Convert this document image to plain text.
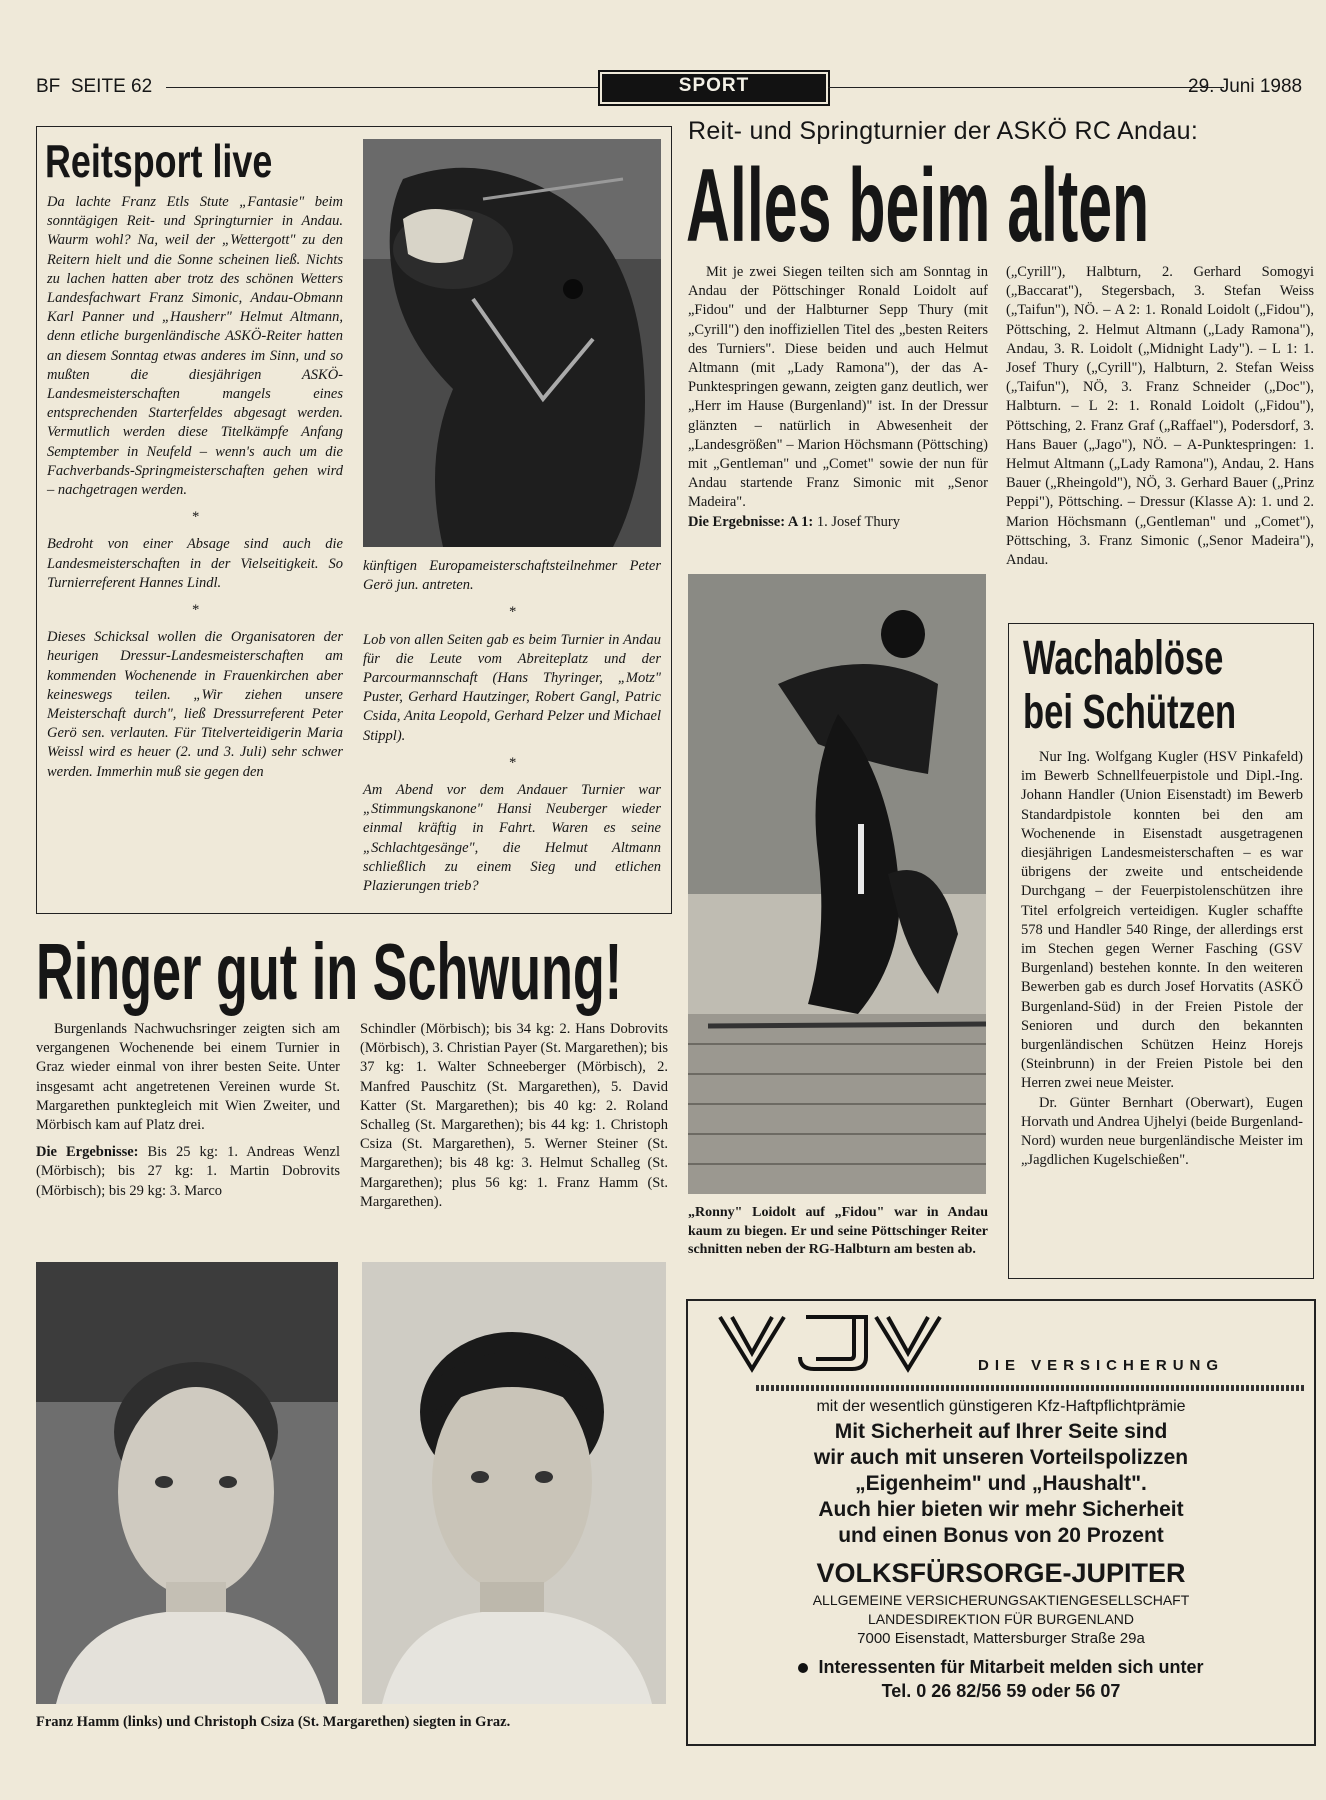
BF  SEITE 62	SPORT	29. Juni 1988
Reitsport live

Da lachte Franz Etls Stute „Fantasie" beim sonntägigen Reit- und Springturnier in Andau. Waurm wohl? Na, weil der „Wettergott" zu den Reitern hielt und die Sonne scheinen ließ. Nichts zu lachen hatten aber trotz des schönen Wetters Landesfachwart Franz Simonic, Andau-Obmann Karl Panner und „Hausherr" Helmut Altmann, denn etliche burgenländische ASKÖ-Reiter hatten an diesem Sonntag etwas anderes im Sinn, und so mußten die diesjährigen ASKÖ-Landesmeisterschaften mangels eines entsprechenden Starterfeldes abgesagt werden. Vermutlich werden diese Titelkämpfe Anfang Semptember in Neufeld – wenn's auch um die Fachverbands-Springmeisterschaften gehen wird – nachgetragen werden.

*

Bedroht von einer Absage sind auch die Landesmeisterschaften in der Vielseitigkeit. So Turnierreferent Hannes Lindl.

*

Dieses Schicksal wollen die Organisatoren der heurigen Dressur-Landesmeisterschaften am kommenden Wochenende in Frauenkirchen aber keineswegs teilen. „Wir ziehen unsere Meisterschaft durch", ließ Dressurreferent Peter Gerö sen. verlauten. Für Titelverteidigerin Maria Weissl wird es heuer (2. und 3. Juli) sehr schwer werden. Immerhin muß sie gegen den

künftigen Europameisterschaftsteilnehmer Peter Gerö jun. antreten.

*

Lob von allen Seiten gab es beim Turnier in Andau für die Leute vom Abreiteplatz und der Parcourmannschaft (Hans Thyringer, „Motz" Puster, Gerhard Hautzinger, Robert Gangl, Patric Csida, Anita Leopold, Gerhard Pelzer und Michael Stippl).

*

Am Abend vor dem Andauer Turnier war „Stimmungskanone" Hansi Neuberger wieder einmal kräftig in Fahrt. Waren es seine „Schlachtgesänge", die Helmut Altmann schließlich zu einem Sieg und etlichen Plazierungen trieb?

Reit- und Springturnier der ASKÖ RC Andau:
Alles beim alten

Mit je zwei Siegen teilten sich am Sonntag in Andau der Pöttschinger Ronald Loidolt auf „Fidou" und der Halbturner Sepp Thury (mit „Cyrill") den inoffiziellen Titel des „besten Reiters des Turniers". Diese beiden und auch Helmut Altmann (mit „Lady Ramona"), der das A-Punktespringen gewann, zeigten ganz deutlich, wer „Herr im Hause (Burgenland)" ist. In der Dressur glänzten – natürlich in Abwesenheit der „Landesgrößen" – Marion Höchsmann (Pöttsching) mit „Gentleman" und „Comet" sowie der nun für Andau startende Franz Simonic mit „Senor Madeira".

Die Ergebnisse: A 1: 1. Josef Thury

(„Cyrill"), Halbturn, 2. Gerhard Somogyi („Baccarat"), Stegersbach, 3. Stefan Weiss („Taifun"), NÖ. – A 2: 1. Ronald Loidolt („Fidou"), Pöttsching, 2. Helmut Altmann („Lady Ramona"), Andau, 3. R. Loidolt („Midnight Lady"). – L 1: 1. Josef Thury („Cyrill"), Halbturn, 2. Stefan Weiss („Taifun"), NÖ, 3. Franz Schneider („Doc"), Halbturn. – L 2: 1. Ronald Loidolt („Fidou"), Pöttsching, 2. Franz Graf („Raffael"), Podersdorf, 3. Hans Bauer („Jago"), NÖ. – A-Punktespringen: 1. Helmut Altmann („Lady Ramona"), Andau, 2. Hans Bauer („Rheingold"), NÖ, 3. Gerhard Bauer („Prinz Peppi"), Pöttsching. – Dressur (Klasse A): 1. und 2. Marion Höchsmann („Gentleman" und „Comet"), Pöttsching, 3. Franz Simonic („Senor Madeira"), Andau.

„Ronny" Loidolt auf „Fidou" war in Andau kaum zu biegen. Er und seine Pöttschinger Reiter schnitten neben der RG-Halbturn am besten ab.
Wachablöse
bei Schützen

Nur Ing. Wolfgang Kugler (HSV Pinkafeld) im Bewerb Schnellfeuerpistole und Dipl.-Ing. Johann Handler (Union Eisenstadt) im Bewerb Standardpistole konnten bei den am Wochenende in Eisenstadt ausgetragenen diesjährigen Landesmeisterschaften – es war übrigens der zweite und entscheidende Durchgang – der Feuerpistolenschützen ihre Titel erfolgreich verteidigen. Kugler schaffte 578 und Handler 540 Ringe, der allerdings erst im Stechen gegen Werner Fasching (GSV Burgenland) bestehen konnte. In den weiteren Bewerben gab es durch Josef Horvatits (ASKÖ Burgenland-Süd) in der Freien Pistole der Senioren und durch den bekannten burgenländischen Schützen Heinz Horejs (Steinbrunn) in der Freien Pistole bei den Herren zwei neue Meister.

Dr. Günter Bernhart (Oberwart), Eugen Horvath und Andrea Ujhelyi (beide Burgenland-Nord) wurden neue burgenländische Meister im „Jagdlichen Kugelschießen".

Ringer gut in Schwung!

Burgenlands Nachwuchsringer zeigten sich am vergangenen Wochenende bei einem Turnier in Graz wieder einmal von ihrer besten Seite. Unter insgesamt acht angetretenen Vereinen wurde St. Margarethen punktegleich mit Wien Zweiter, und Mörbisch kam auf Platz drei.

Die Ergebnisse: Bis 25 kg: 1. Andreas Wenzl (Mörbisch); bis 27 kg: 1. Martin Dobrovits (Mörbisch); bis 29 kg: 3. Marco

Schindler (Mörbisch); bis 34 kg: 2. Hans Dobrovits (Mörbisch), 3. Christian Payer (St. Margarethen); bis 37 kg: 1. Walter Schneeberger (Mörbisch), 2. Manfred Pauschitz (St. Margarethen), 5. David Katter (St. Margarethen); bis 40 kg: 2. Roland Schalleg (St. Margarethen); bis 44 kg: 1. Christoph Csiza (St. Margarethen), 5. Werner Steiner (St. Margarethen); bis 48 kg: 3. Helmut Schalleg (St. Margarethen); plus 56 kg: 1. Franz Hamm (St. Margarethen).

Franz Hamm (links) und Christoph Csiza (St. Margarethen) siegten in Graz.
DIE VERSICHERUNG
mit der wesentlich günstigeren Kfz-Haftpflichtprämie
Mit Sicherheit auf Ihrer Seite sind
wir auch mit unseren Vorteilspolizzen
„Eigenheim" und „Haushalt".
Auch hier bieten wir mehr Sicherheit
und einen Bonus von 20 Prozent
VOLKSFÜRSORGE-JUPITER
ALLGEMEINE VERSICHERUNGSAKTIENGESELLSCHAFT
LANDESDIREKTION FÜR BURGENLAND
7000 Eisenstadt, Mattersburger Straße 29a
Interessenten für Mitarbeit melden sich unter
Tel. 0 26 82/56 59 oder 56 07
